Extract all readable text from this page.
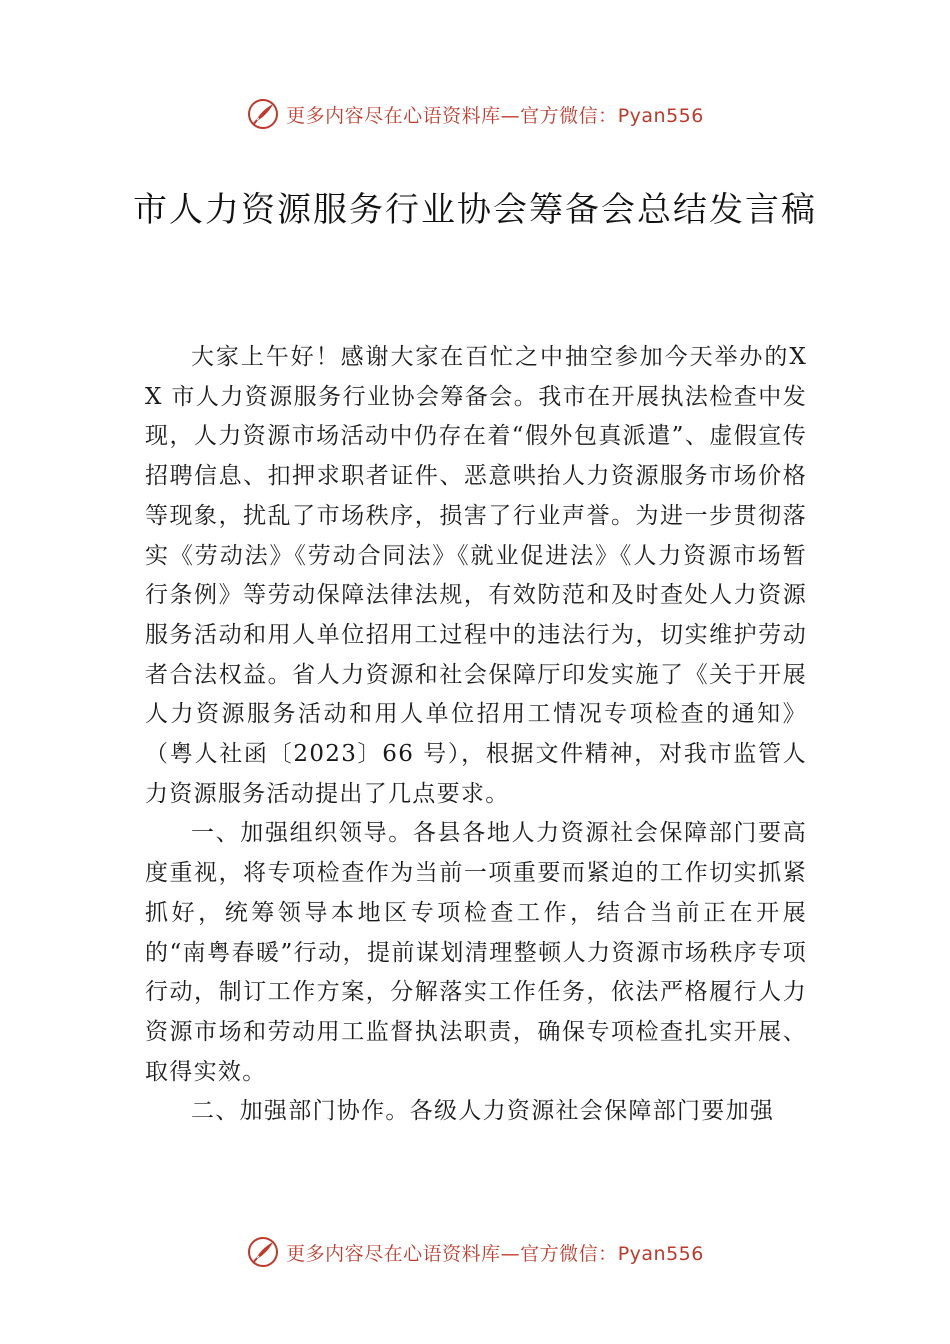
更多内容尽在心语资料库—官方微信：Pyan556
市人力资源服务行业协会筹备会总结发言稿

大家上午好！感谢大家在百忙之中抽空参加今天举办的XX 市人力资源服务行业协会筹备会。我市在开展执法检查中发现，人力资源市场活动中仍存在着“假外包真派遣”、虚假宣传招聘信息、扣押求职者证件、恶意哄抬人力资源服务市场价格等现象，扰乱了市场秩序，损害了行业声誉。为进一步贯彻落实《劳动法》《劳动合同法》《就业促进法》《人力资源市场暂行条例》等劳动保障法律法规，有效防范和及时查处人力资源服务活动和用人单位招用工过程中的违法行为，切实维护劳动者合法权益。省人力资源和社会保障厅印发实施了《关于开展人力资源服务活动和用人单位招用工情况专项检查的通知》（粤人社函〔2023〕66 号），根据文件精神，对我市监管人力资源服务活动提出了几点要求。

一、加强组织领导。各县各地人力资源社会保障部门要高度重视，将专项检查作为当前一项重要而紧迫的工作切实抓紧抓好，统筹领导本地区专项检查工作，结合当前正在开展的“南粤春暖”行动，提前谋划清理整顿人力资源市场秩序专项行动，制订工作方案，分解落实工作任务，依法严格履行人力资源市场和劳动用工监督执法职责，确保专项检查扎实开展、取得实效。

二、加强部门协作。各级人力资源社会保障部门要加强

更多内容尽在心语资料库—官方微信：Pyan556
